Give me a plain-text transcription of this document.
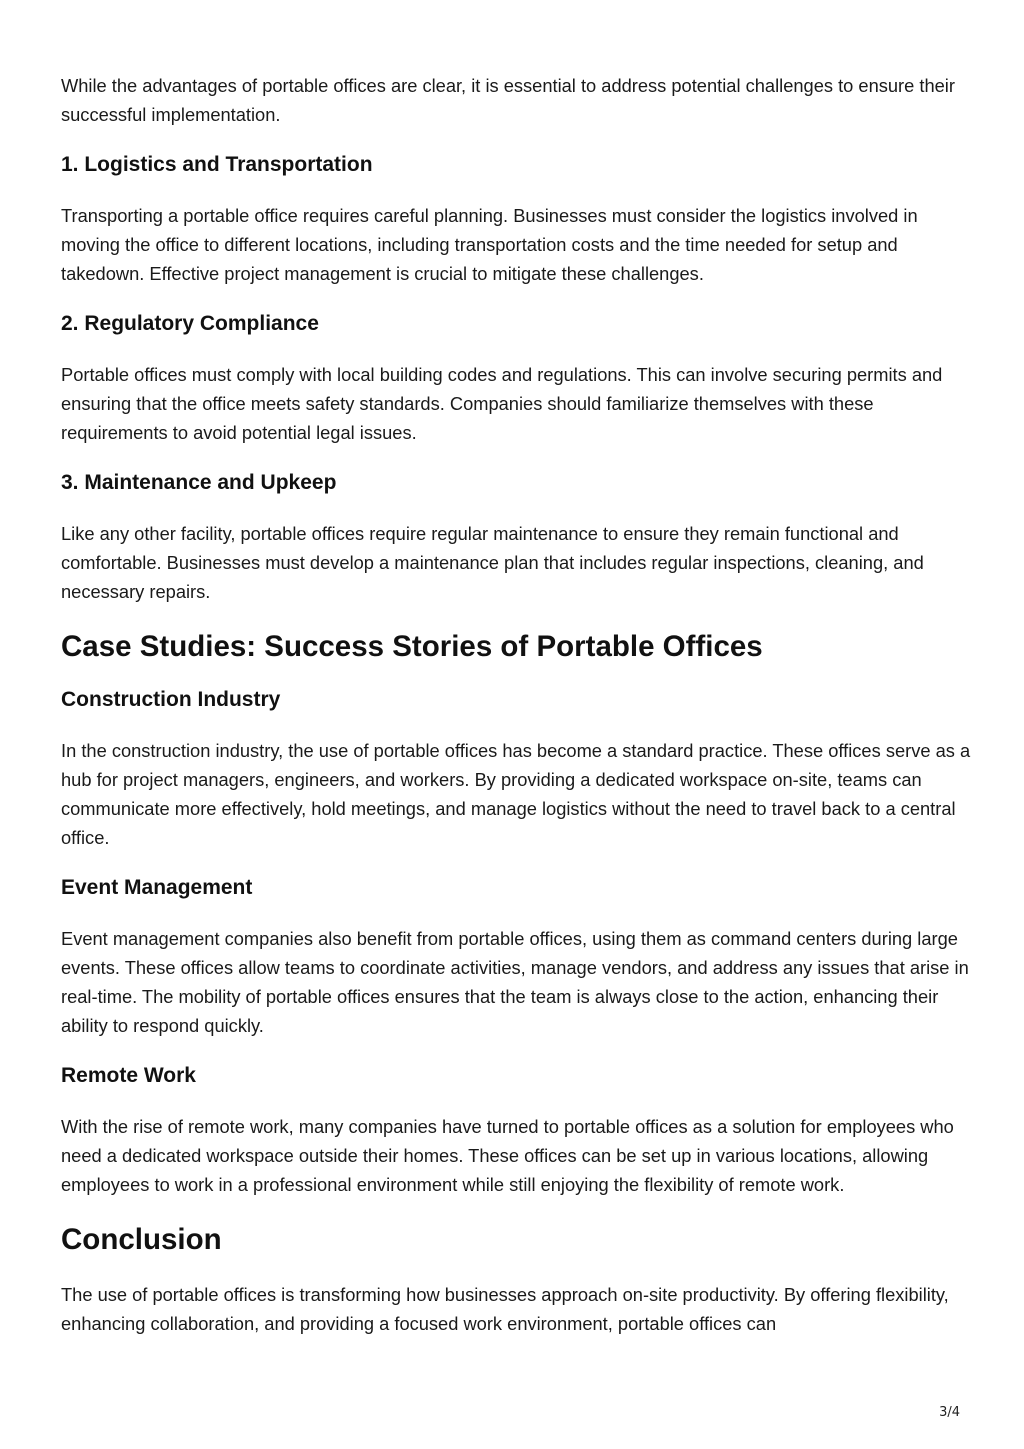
While the advantages of portable offices are clear, it is essential to address potential challenges to ensure their successful implementation.

1. Logistics and Transportation

Transporting a portable office requires careful planning. Businesses must consider the logistics involved in moving the office to different locations, including transportation costs and the time needed for setup and takedown. Effective project management is crucial to mitigate these challenges.

2. Regulatory Compliance

Portable offices must comply with local building codes and regulations. This can involve securing permits and ensuring that the office meets safety standards. Companies should familiarize themselves with these requirements to avoid potential legal issues.

3. Maintenance and Upkeep

Like any other facility, portable offices require regular maintenance to ensure they remain functional and comfortable. Businesses must develop a maintenance plan that includes regular inspections, cleaning, and necessary repairs.

Case Studies: Success Stories of Portable Offices
Construction Industry

In the construction industry, the use of portable offices has become a standard practice. These offices serve as a hub for project managers, engineers, and workers. By providing a dedicated workspace on-site, teams can communicate more effectively, hold meetings, and manage logistics without the need to travel back to a central office.

Event Management

Event management companies also benefit from portable offices, using them as command centers during large events. These offices allow teams to coordinate activities, manage vendors, and address any issues that arise in real-time. The mobility of portable offices ensures that the team is always close to the action, enhancing their ability to respond quickly.

Remote Work

With the rise of remote work, many companies have turned to portable offices as a solution for employees who need a dedicated workspace outside their homes. These offices can be set up in various locations, allowing employees to work in a professional environment while still enjoying the flexibility of remote work.

Conclusion

The use of portable offices is transforming how businesses approach on-site productivity. By offering flexibility, enhancing collaboration, and providing a focused work environment, portable offices can

3/4
